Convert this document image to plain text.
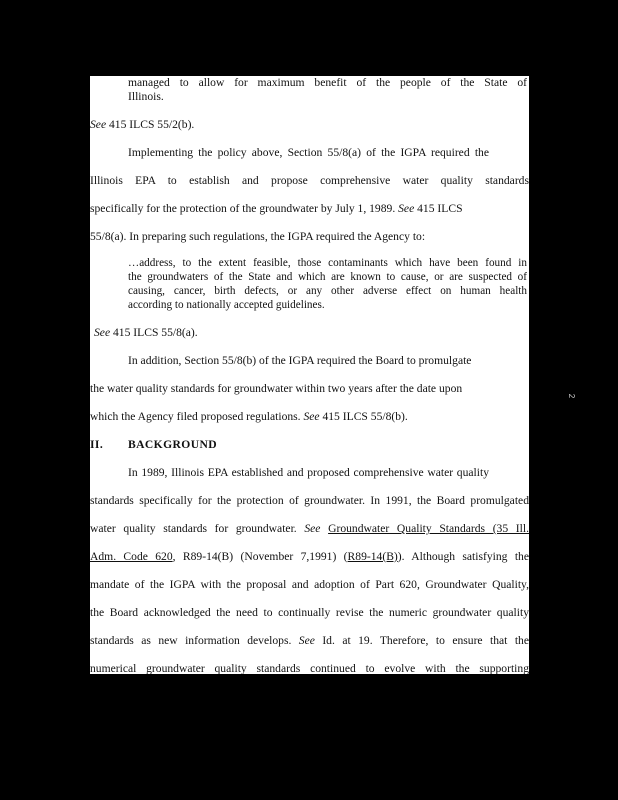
managed to allow for maximum benefit of the people of the State of

Illinois.

See 415 ILCS 55/2(b).

Implementing the policy above, Section 55/8(a) of the IGPA required the

Illinois EPA to establish and propose comprehensive water quality standards

specifically for the protection of the groundwater by July 1, 1989. See 415 ILCS

55/8(a). In preparing such regulations, the IGPA required the Agency to:

…address, to the extent feasible, those contaminants which have been found in

the groundwaters of the State and which are known to cause, or are suspected of

causing, cancer, birth defects, or any other adverse effect on human health

according to nationally accepted guidelines.

See 415 ILCS 55/8(a).

In addition, Section 55/8(b) of the IGPA required the Board to promulgate

the water quality standards for groundwater within two years after the date upon

which the Agency filed proposed regulations. See 415 ILCS 55/8(b).

II.	BACKGROUND

In 1989, Illinois EPA established and proposed comprehensive water quality

standards specifically for the protection of groundwater. In 1991, the Board promulgated

water quality standards for groundwater. See Groundwater Quality Standards (35 Ill.

Adm. Code 620, R89-14(B) (November 7,1991) (R89-14(B)). Although satisfying the

mandate of the IGPA with the proposal and adoption of Part 620, Groundwater Quality,

the Board acknowledged the need to continually revise the numeric groundwater quality

standards as new information develops. See Id. at 19. Therefore, to ensure that the

numerical groundwater quality standards continued to evolve with the supporting

2
